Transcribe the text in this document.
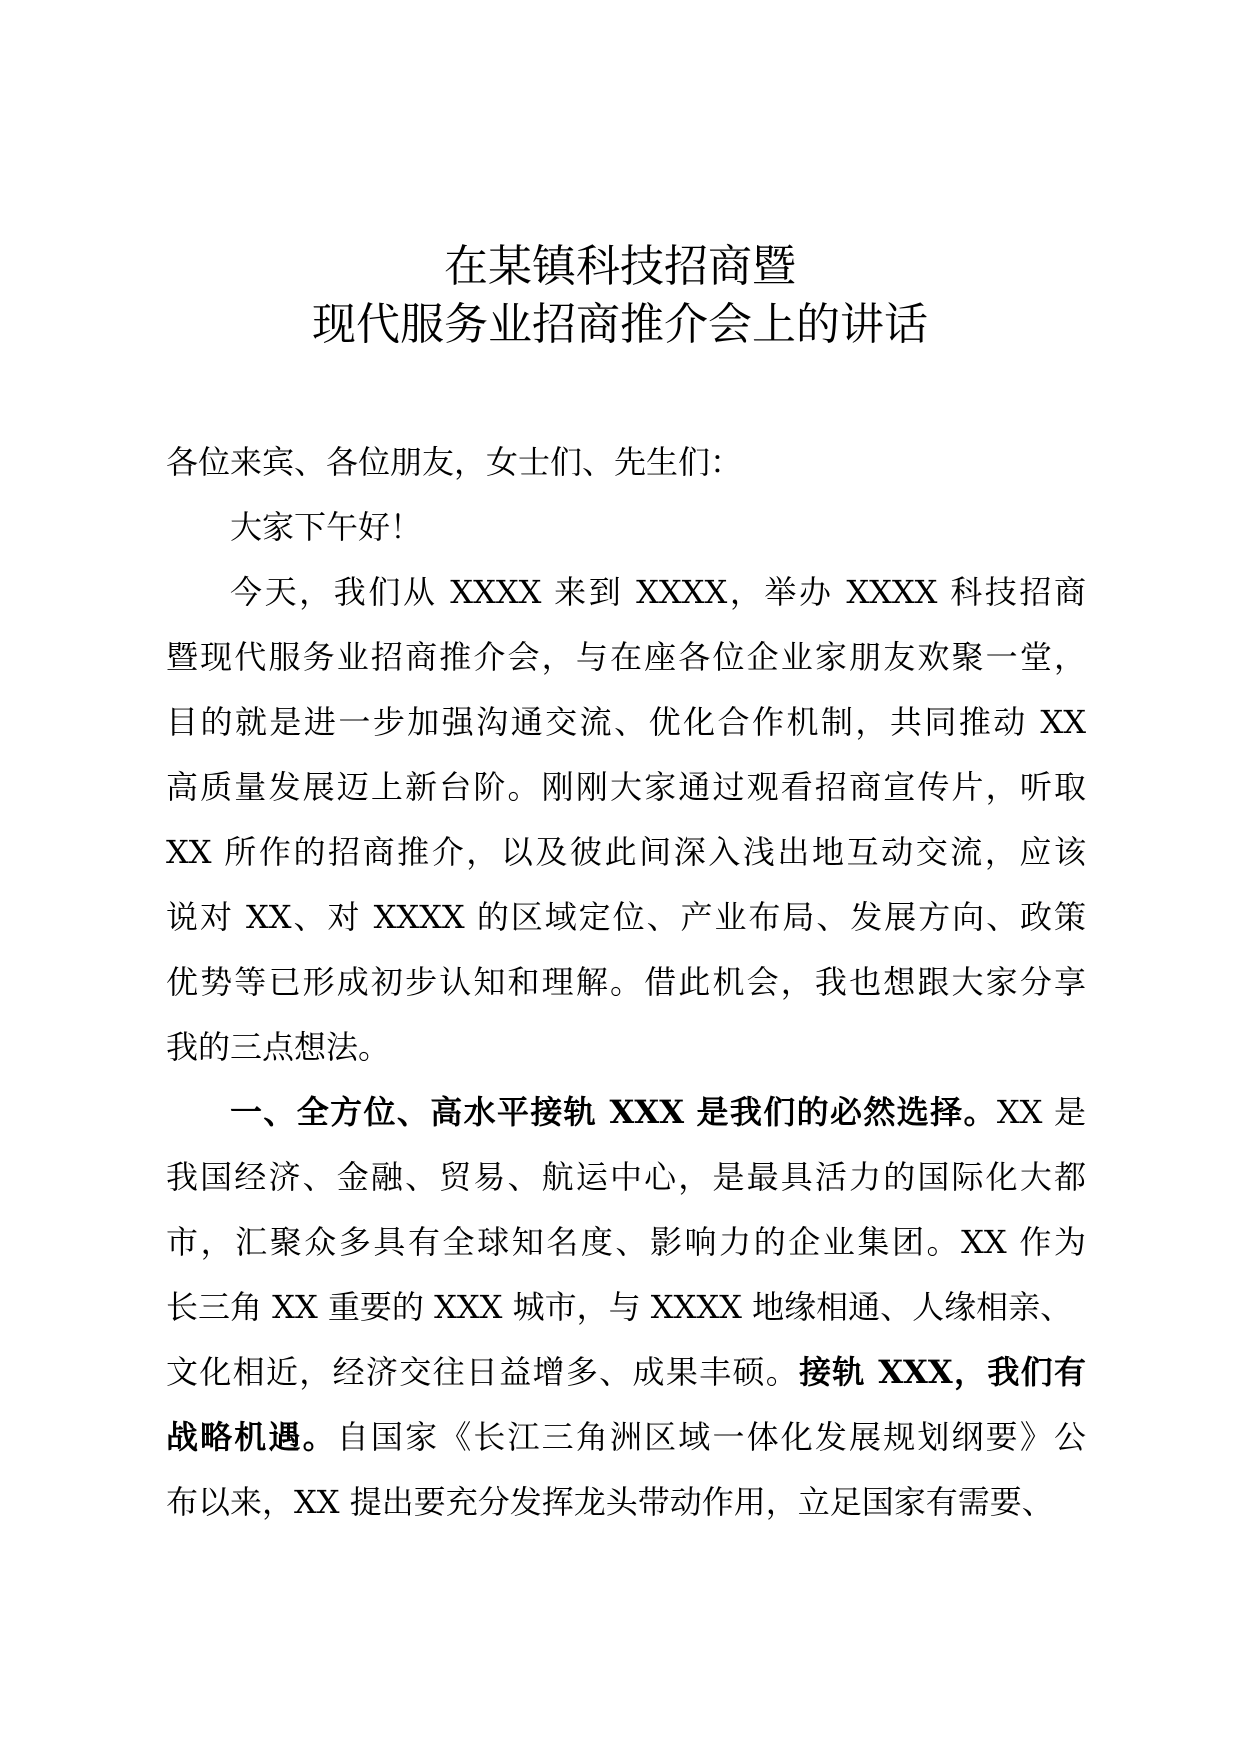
在某镇科技招商暨
现代服务业招商推介会上的讲话
各位来宾、各位朋友，女士们、先生们：
大家下午好！
今天，我们从 XXXX 来到 XXXX，举办 XXXX 科技招商
暨现代服务业招商推介会，与在座各位企业家朋友欢聚一堂，
目的就是进一步加强沟通交流、优化合作机制，共同推动 XX
高质量发展迈上新台阶。刚刚大家通过观看招商宣传片，听取
XX 所作的招商推介，以及彼此间深入浅出地互动交流，应该
说对 XX、对 XXXX 的区域定位、产业布局、发展方向、政策
优势等已形成初步认知和理解。借此机会，我也想跟大家分享
我的三点想法。
一、全方位、高水平接轨 XXX 是我们的必然选择。XX 是
我国经济、金融、贸易、航运中心，是最具活力的国际化大都
市，汇聚众多具有全球知名度、影响力的企业集团。XX 作为
长三角 XX 重要的 XXX 城市，与 XXXX 地缘相通、人缘相亲、
文化相近，经济交往日益增多、成果丰硕。接轨 XXX，我们有
战略机遇。自国家《长江三角洲区域一体化发展规划纲要》公
布以来，XX 提出要充分发挥龙头带动作用，立足国家有需要、
